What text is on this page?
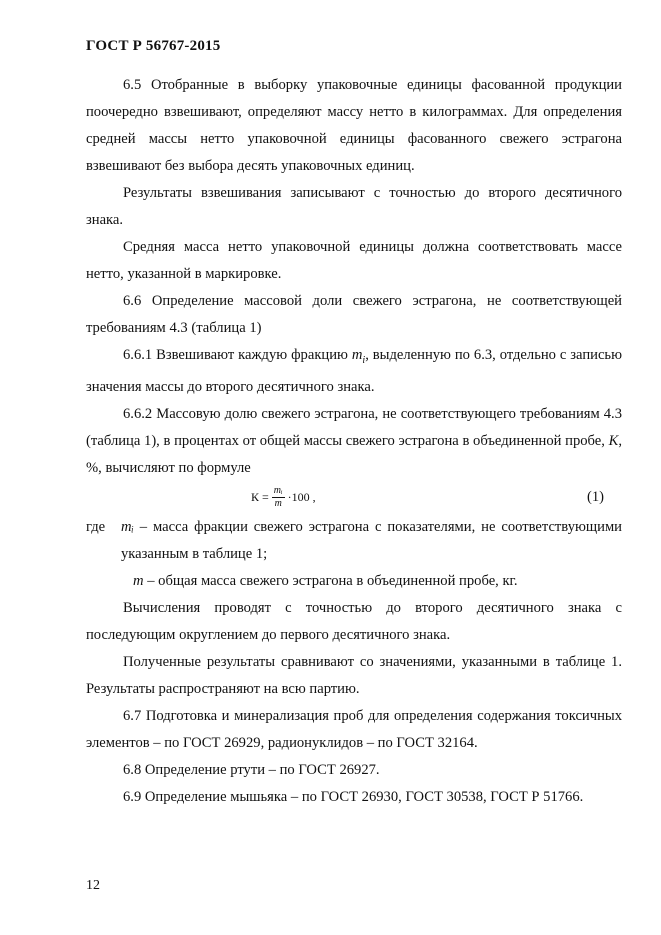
ГОСТ Р 56767-2015

6.5 Отобранные в выборку упаковочные единицы фасованной продукции поочередно взвешивают, определяют массу нетто в килограммах. Для определения средней массы нетто упаковочной единицы фасованного свежего эстрагона взвешивают без выбора десять упаковочных единиц.

Результаты взвешивания записывают с точностью до второго десятичного знака.

Средняя масса нетто упаковочной единицы должна соответствовать массе нетто, указанной в маркировке.

6.6 Определение массовой доли свежего эстрагона, не соответствующей требованиям 4.3 (таблица 1)

6.6.1 Взвешивают каждую фракцию $m_i$, выделенную по 6.3, отдельно с записью значения массы до второго десятичного знака.

6.6.2 Массовую долю свежего эстрагона, не соответствующего требованиям 4.3 (таблица 1), в процентах от общей массы свежего эстрагона в объединенной пробе, K, %, вычисляют по формуле

$К = \frac{\text{mᵢ}}{m} \cdot 100$ ,	(1)
где	mᵢ – масса фракции свежего эстрагона с показателями, не соответствующими указанным в таблице 1;
m – общая масса свежего эстрагона в объединенной пробе, кг.

Вычисления проводят с точностью до второго десятичного знака с последующим округлением до первого десятичного знака.

Полученные результаты сравнивают со значениями, указанными в таблице 1. Результаты распространяют на всю партию.

6.7 Подготовка и минерализация проб для определения содержания токсичных элементов – по ГОСТ 26929, радионуклидов – по ГОСТ 32164.

6.8 Определение ртути – по ГОСТ 26927.

6.9 Определение мышьяка – по ГОСТ 26930, ГОСТ 30538, ГОСТ Р 51766.

12
